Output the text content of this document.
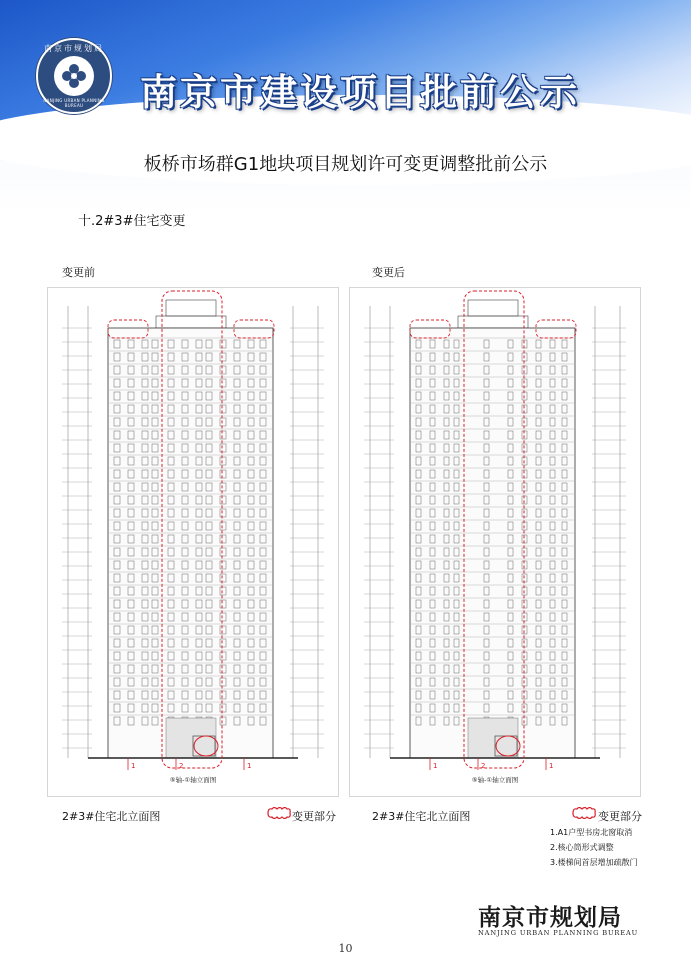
南京市规划局
NANJING URBAN PLANNING BUREAU	南京市建设项目批前公示
板桥市场群G1地块项目规划许可变更调整批前公示
十.2#3#住宅变更
变更前	变更后
1	2	1
⑤轴-①轴立面图
1	2	1
⑤轴-①轴立面图
2#3#住宅北立面图	变更部分	2#3#住宅北立面图	变更部分
1.A1户型书房北窗取消
2.核心筒形式调整
3.楼梯间首层增加疏散门
南京市规划局
NANJING URBAN PLANNING BUREAU
10
